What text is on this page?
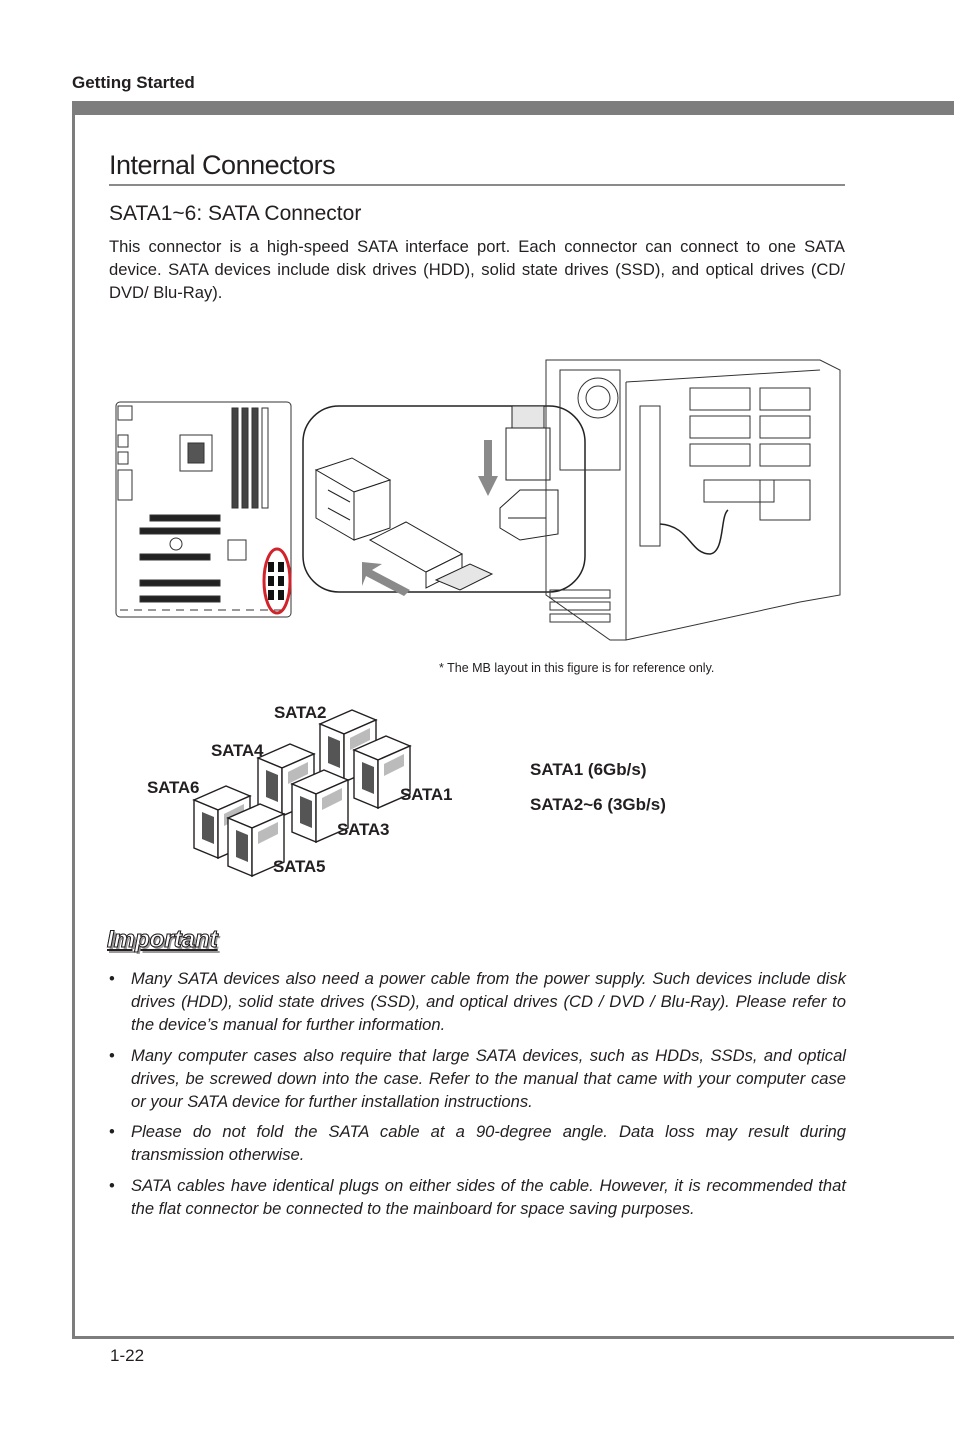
Getting Started
Internal Connectors
SATA1~6: SATA Connector

This connector is a high-speed SATA interface port. Each connector can connect to one SATA device. SATA devices include disk drives (HDD), solid state drives (SSD), and optical drives (CD/ DVD/ Blu-Ray).

* The MB layout in this figure is for reference only.
SATA2
SATA4
SATA6	SATA1
SATA3
SATA5
SATA1 (6Gb/s)
SATA2~6 (3Gb/s)
Important
• Many SATA devices also need a power cable from the power supply. Such devices include disk drives (HDD), solid state drives (SSD), and optical drives (CD / DVD / Blu-Ray). Please refer to the device’s manual for further information.
• Many computer cases also require that large SATA devices, such as HDDs, SSDs, and optical drives, be screwed down into the case. Refer to the manual that came with your computer case or your SATA device for further installation instructions.
• Please do not fold the SATA cable at a 90-degree angle. Data loss may result during transmission otherwise.
• SATA cables have identical plugs on either sides of the cable. However, it is recommended that the flat connector be connected to the mainboard for space saving purposes.
1-22
